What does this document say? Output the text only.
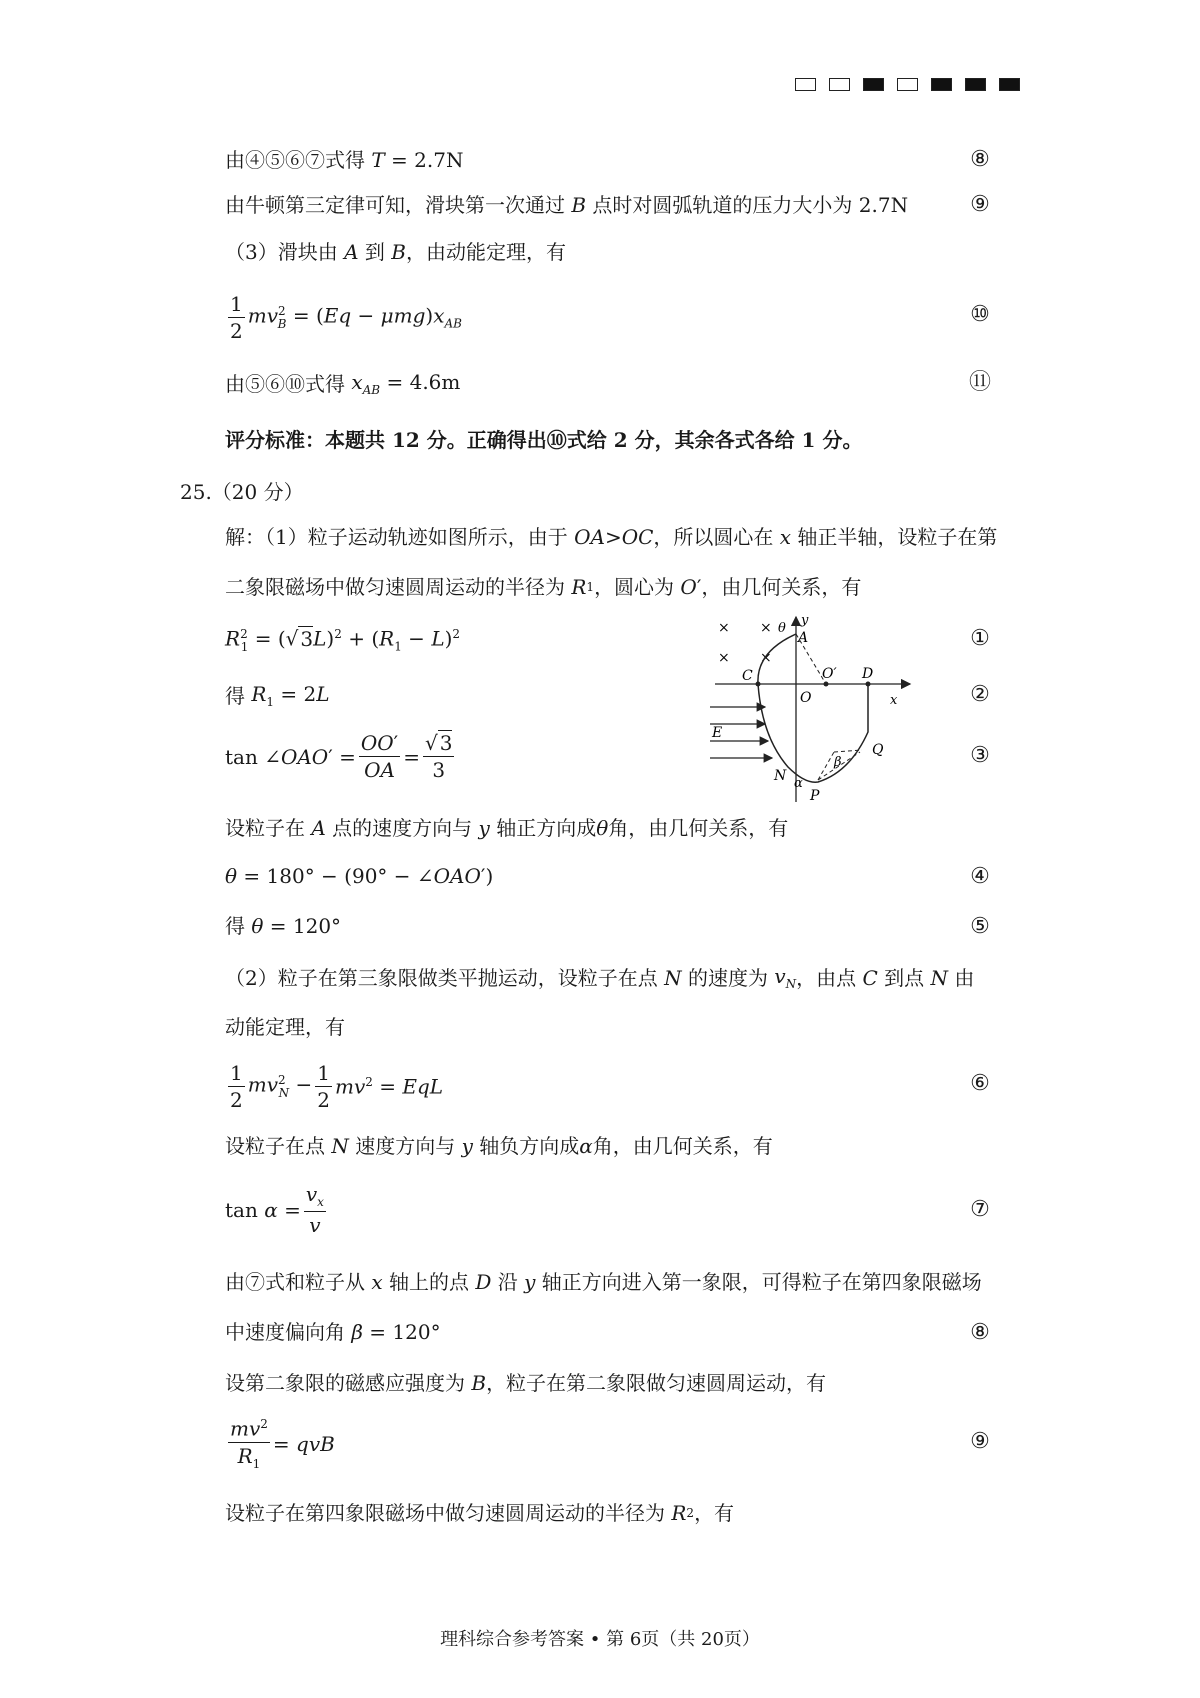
由④⑤⑥⑦式得 T = 2.7N	⑧
由牛顿第三定律可知，滑块第一次通过
B
点时对圆弧轨道的压力大小为 2.7N	⑨
（3）滑块由
A
到
B ，由动能定理，有
$\frac{1}{2} mv^2_B = (Eq - \mu mg)x_{AB}$	⑩
由⑤⑥⑩式得
$x_{AB} = 4.6m$	⑪
评分标准：本题共 12 分。正确得出⑩式给 2 分，其余各式各给 1 分。
25.（20 分）
解：（1）粒子运动轨迹如图所示，由于
OA > OC ，所以圆心在
x
轴正半轴，设粒子在第
二象限磁场中做匀速圆周运动的半径为
R 1 ，圆心为
O ′ ，由几何关系，有
$R^2_1$ = (√ $3L)^2 + (R_1 - L)^2$	①
得
$R_1 = 2L$	②
tan ∠OAO′ = $\frac{OO'}{OA} = \frac{√ 3}{3}$	③
× ×
× ×
y
x
θ
A
C
O
O′ D
E
N α
P
β
Q
设粒子在
A
点的速度方向与
y
轴正方向成 θ 角，由几何关系，有
θ = 180° − (90° − ∠OAO′)	④
得
θ = 120°	⑤
（2）粒子在第三象限做类平抛运动，设粒子在点
N
的速度为
$v_N$ ，由点
C
到点
N
由
动能定理，有
$\frac{1}{2} mv^2_N - \frac{1}{2} mv^2$ = EqL	⑥
设粒子在点
N
速度方向与
y
轴负方向成 α 角，由几何关系，有
$\tan \alpha = \frac{v_x}{v}$	⑦
由⑦式和粒子从
x
轴上的点
D
沿
y
轴正方向进入第一象限，可得粒子在第四象限磁场
中速度偏向角
β = 120°	⑧
设第二象限的磁感应强度为
B ，粒子在第二象限做匀速圆周运动，有
$\frac{mv^2}{R_1}$ = qvB	⑨
设粒子在第四象限磁场中做匀速圆周运动的半径为
R 2 ，有
理科综合参考答案 • 第 6页（共 20页）
